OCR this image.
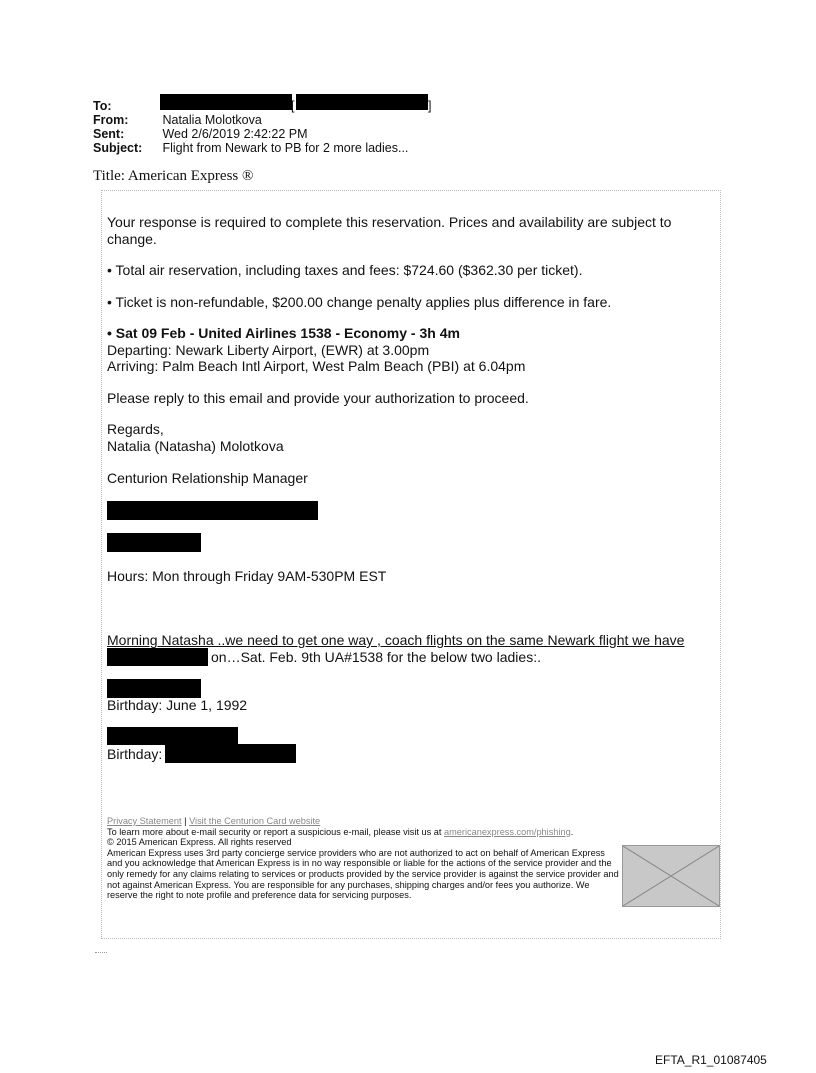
To:	[	]
From:	Natalia Molotkova
Sent:	Wed 2/6/2019 2:42:22 PM
Subject: Flight from Newark to PB for 2 more ladies...
Title: American Express ®
Your response is required to complete this reservation. Prices and availability are subject to
change.
• Total air reservation, including taxes and fees: $724.60 ($362.30 per ticket).
• Ticket is non-refundable, $200.00 change penalty applies plus difference in fare.
• Sat 09 Feb - United Airlines 1538 - Economy - 3h 4m
Departing: Newark Liberty Airport, (EWR) at 3.00pm
Arriving: Palm Beach Intl Airport, West Palm Beach (PBI) at 6.04pm
Please reply to this email and provide your authorization to proceed.
Regards,
Natalia (Natasha) Molotkova
Centurion Relationship Manager
Hours: Mon through Friday 9AM-530PM EST
Morning Natasha ..we need to get one way , coach flights on the same Newark flight we have
on…Sat. Feb. 9th UA#1538 for the below two ladies:.
Birthday: June 1, 1992
Birthday:
Privacy Statement | Visit the Centurion Card website
To learn more about e-mail security or report a suspicious e-mail, please visit us at americanexpress.com/phishing.
© 2015 American Express. All rights reserved
American Express uses 3rd party concierge service providers who are not authorized to act on behalf of American Express
and you acknowledge that American Express is in no way responsible or liable for the actions of the service provider and the
only remedy for any claims relating to services or products provided by the service provider is against the service provider and
not against American Express. You are responsible for any purchases, shipping charges and/or fees you authorize. We
reserve the right to note profile and preference data for servicing purposes.
EFTA_R1_01087405
